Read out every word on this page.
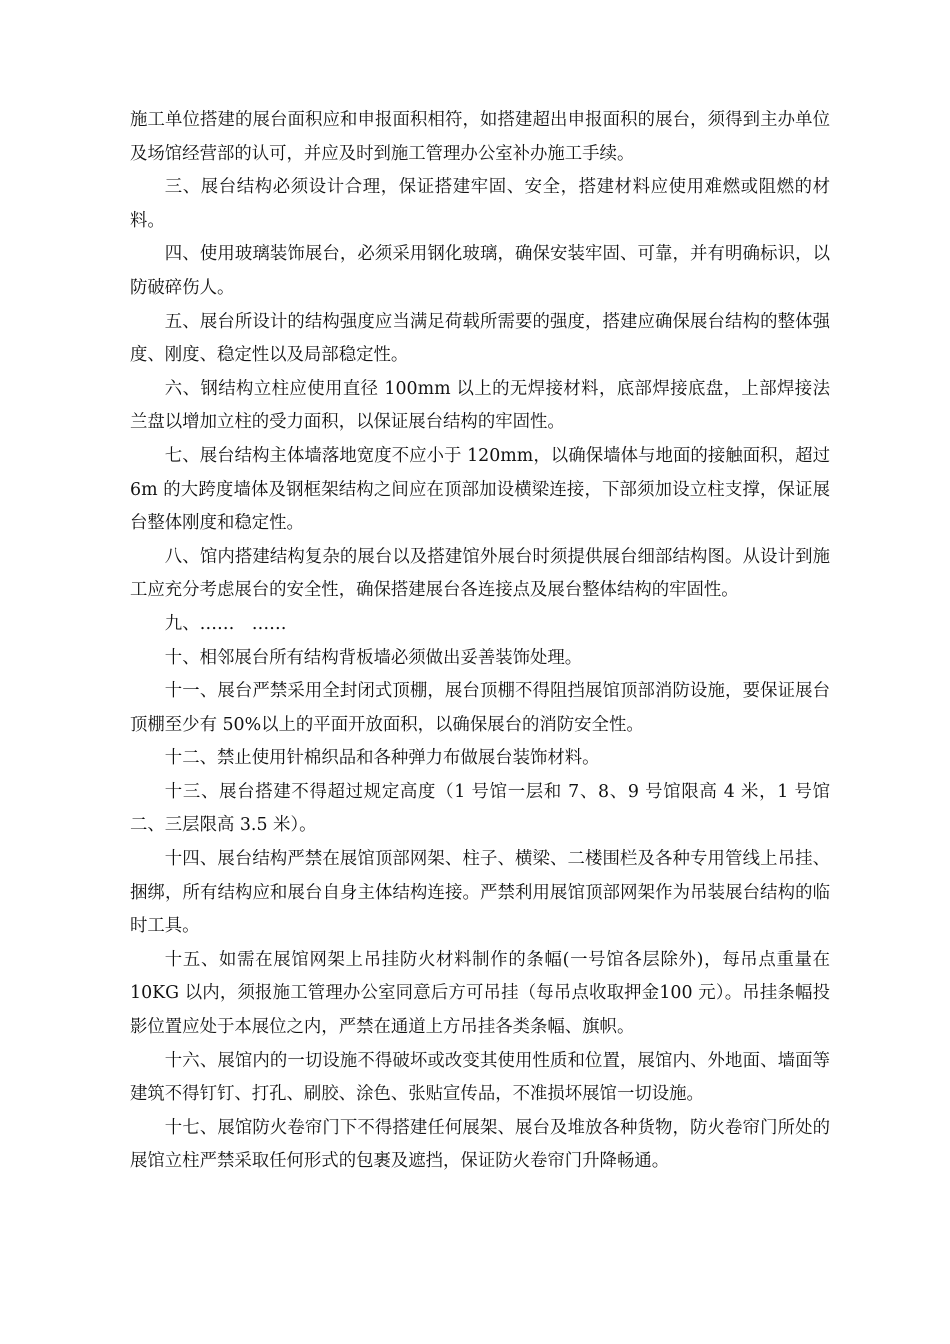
施工单位搭建的展台面积应和申报面积相符，如搭建超出申报面积的展台，须得到主办单位及场馆经营部的认可，并应及时到施工管理办公室补办施工手续。

三、展台结构必须设计合理，保证搭建牢固、安全，搭建材料应使用难燃或阻燃的材料。

四、使用玻璃装饰展台，必须采用钢化玻璃，确保安装牢固、可靠，并有明确标识，以防破碎伤人。

五、展台所设计的结构强度应当满足荷载所需要的强度，搭建应确保展台结构的整体强度、刚度、稳定性以及局部稳定性。

六、钢结构立柱应使用直径 100mm 以上的无焊接材料，底部焊接底盘，上部焊接法兰盘以增加立柱的受力面积，以保证展台结构的牢固性。

七、展台结构主体墙落地宽度不应小于 120mm，以确保墙体与地面的接触面积，超过 6m 的大跨度墙体及钢框架结构之间应在顶部加设横梁连接，下部须加设立柱支撑，保证展台整体刚度和稳定性。

八、馆内搭建结构复杂的展台以及搭建馆外展台时须提供展台细部结构图。从设计到施工应充分考虑展台的安全性，确保搭建展台各连接点及展台整体结构的牢固性。

九、……　……

十、相邻展台所有结构背板墙必须做出妥善装饰处理。

十一、展台严禁采用全封闭式顶棚，展台顶棚不得阻挡展馆顶部消防设施，要保证展台顶棚至少有 50%以上的平面开放面积，以确保展台的消防安全性。

十二、禁止使用针棉织品和各种弹力布做展台装饰材料。

十三、展台搭建不得超过规定高度（1 号馆一层和 7、8、9 号馆限高 4 米，1 号馆二、三层限高 3.5 米）。

十四、展台结构严禁在展馆顶部网架、柱子、横梁、二楼围栏及各种专用管线上吊挂、捆绑，所有结构应和展台自身主体结构连接。严禁利用展馆顶部网架作为吊装展台结构的临时工具。

十五、如需在展馆网架上吊挂防火材料制作的条幅(一号馆各层除外)，每吊点重量在 10KG 以内，须报施工管理办公室同意后方可吊挂（每吊点收取押金100 元）。吊挂条幅投影位置应处于本展位之内，严禁在通道上方吊挂各类条幅、旗帜。

十六、展馆内的一切设施不得破坏或改变其使用性质和位置，展馆内、外地面、墙面等建筑不得钉钉、打孔、刷胶、涂色、张贴宣传品，不准损坏展馆一切设施。

十七、展馆防火卷帘门下不得搭建任何展架、展台及堆放各种货物，防火卷帘门所处的展馆立柱严禁采取任何形式的包裹及遮挡，保证防火卷帘门升降畅通。
